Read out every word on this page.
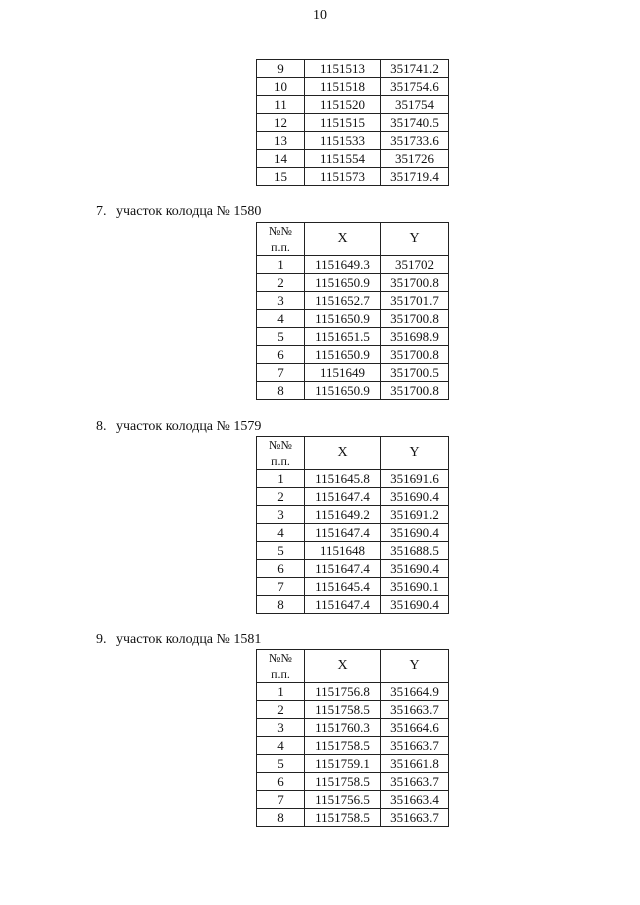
10
9	1151513	351741.2
10	1151518	351754.6
11	1151520	351754
12	1151515	351740.5
13	1151533	351733.6
14	1151554	351726
15	1151573	351719.4
7. участок колодца № 1580
№№
п.п.	X	Y
1	1151649.3	351702
2	1151650.9	351700.8
3	1151652.7	351701.7
4	1151650.9	351700.8
5	1151651.5	351698.9
6	1151650.9	351700.8
7	1151649	351700.5
8	1151650.9	351700.8
8. участок колодца № 1579
№№
п.п.	X	Y
1	1151645.8	351691.6
2	1151647.4	351690.4
3	1151649.2	351691.2
4	1151647.4	351690.4
5	1151648	351688.5
6	1151647.4	351690.4
7	1151645.4	351690.1
8	1151647.4	351690.4
9. участок колодца № 1581
№№
п.п.	X	Y
1	1151756.8	351664.9
2	1151758.5	351663.7
3	1151760.3	351664.6
4	1151758.5	351663.7
5	1151759.1	351661.8
6	1151758.5	351663.7
7	1151756.5	351663.4
8	1151758.5	351663.7
